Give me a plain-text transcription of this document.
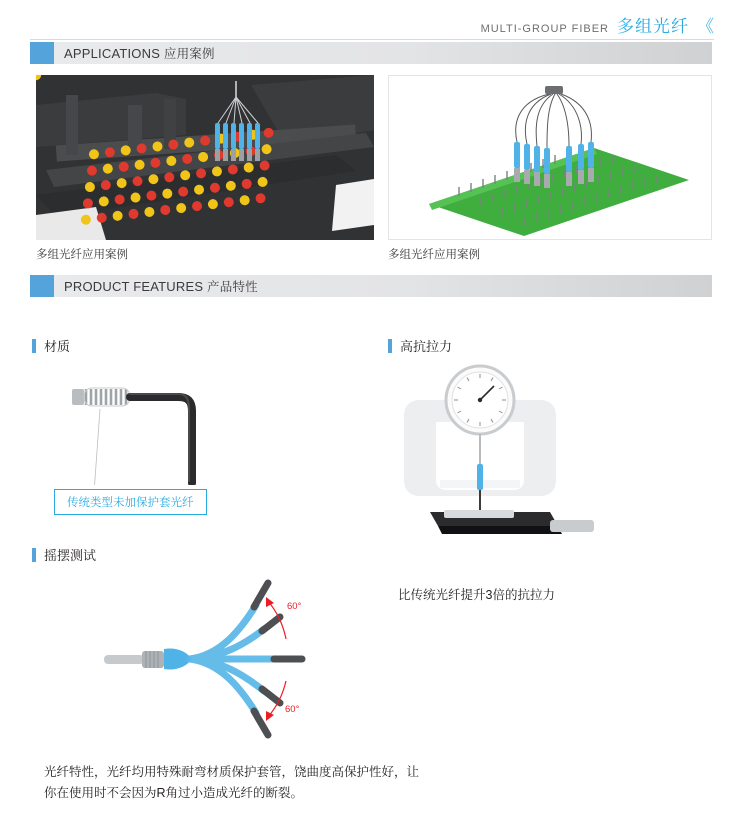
MULTI-GROUP FIBER 多组光纤 《
APPLICATIONS 应用案例
多组光纤应用案例	多组光纤应用案例
PRODUCT FEATURES 产品特性
材质
传统类型未加保护套光纤
高抗拉力
比传统光纤提升3倍的抗拉力
摇摆测试
60°
60°
光纤特性，光纤均用特殊耐弯材质保护套管，饶曲度高保护性好，让你在使用时不会因为R角过小造成光纤的断裂。
